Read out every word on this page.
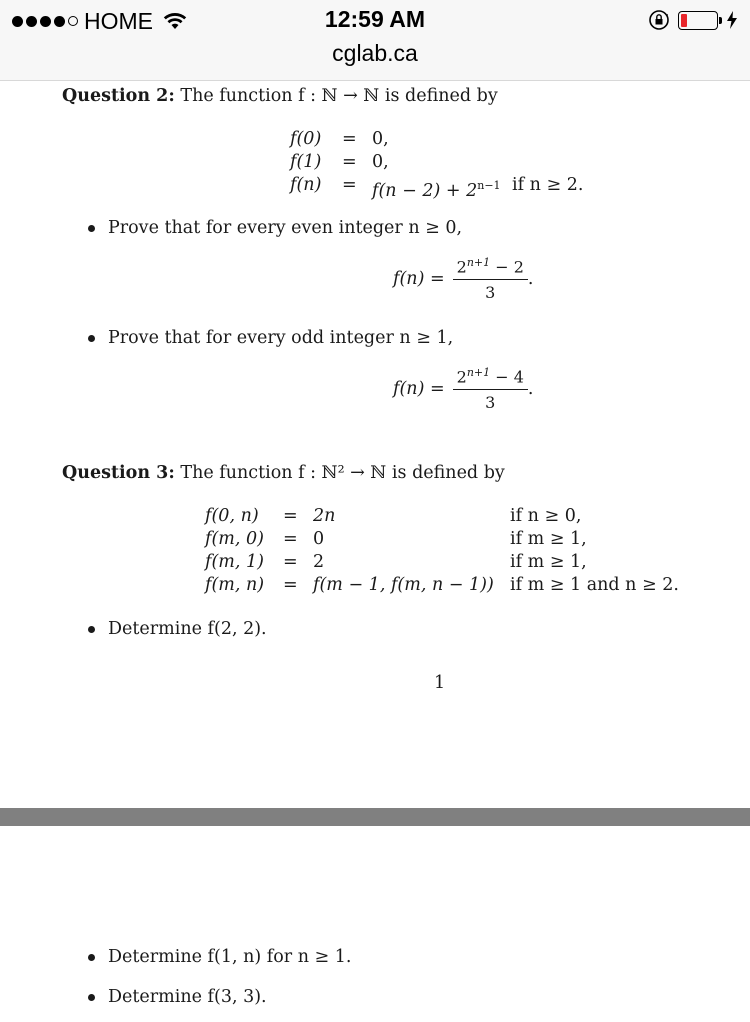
HOME	12:59 AM
cglab.ca
Question 2: The function f : ℕ → ℕ is defined by
f(0)	= 0,
f(1)	= 0,
f(n)	= $f(n - 2) + 2^{n-1}$ if n ≥ 2.
Prove that for every even integer n ≥ 0,
$f(n) = \frac{2^{n+1} - 2}{3}$ .
Prove that for every odd integer n ≥ 1,
$f(n) = \frac{2^{n+1} - 4}{3}$ .
Question 3: The function f : ℕ² → ℕ is defined by
f(0, n)	= 2n	if n ≥ 0,
f(m, 0)	= 0	if m ≥ 1,
f(m, 1)	= 2	if m ≥ 1,
f(m, n)	= f(m − 1, f(m, n − 1)) if m ≥ 1 and n ≥ 2.
Determine f(2, 2).
1
Determine f(1, n) for n ≥ 1.
Determine f(3, 3).
